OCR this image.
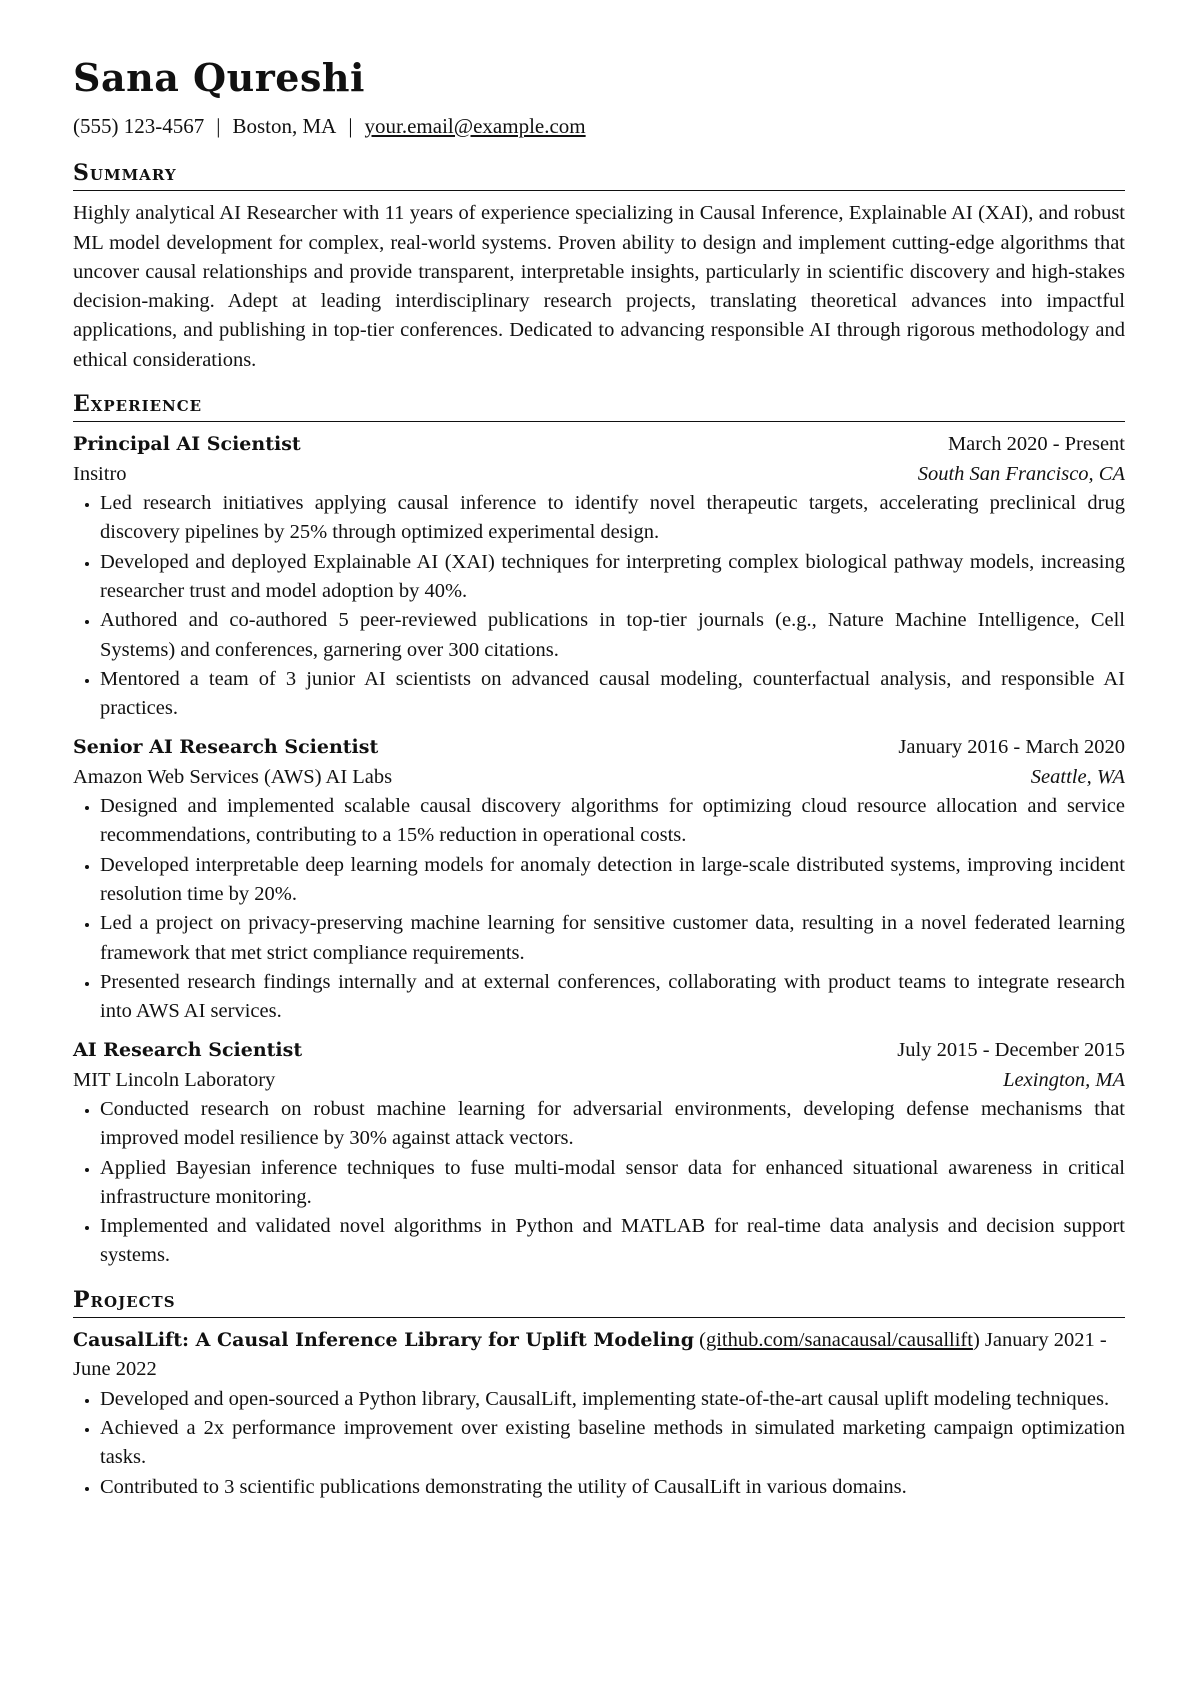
Sana Qureshi
(555) 123-4567 | Boston, MA | your.email@example.com
Summary
Highly analytical AI Researcher with 11 years of experience specializing in Causal Inference, Explainable AI (XAI), and robust ML model development for complex, real-world systems. Proven ability to design and implement cutting-edge algorithms that uncover causal relationships and provide transparent, interpretable insights, particularly in scientific discovery and high-stakes decision-making. Adept at leading interdisciplinary research projects, translating theoretical advances into impactful applications, and publishing in top-tier conferences. Dedicated to advancing responsible AI through rigorous methodology and ethical considerations.
Experience
Principal AI Scientist	March 2020 - Present
Insitro	South San Francisco, CA
• Led research initiatives applying causal inference to identify novel therapeutic targets, accelerating preclinical drug discovery pipelines by 25% through optimized experimental design.
• Developed and deployed Explainable AI (XAI) techniques for interpreting complex biological pathway models, increasing researcher trust and model adoption by 40%.
• Authored and co-authored 5 peer-reviewed publications in top-tier journals (e.g., Nature Machine Intelligence, Cell Systems) and conferences, garnering over 300 citations.
• Mentored a team of 3 junior AI scientists on advanced causal modeling, counterfactual analysis, and responsible AI practices.
Senior AI Research Scientist	January 2016 - March 2020
Amazon Web Services (AWS) AI Labs	Seattle, WA
• Designed and implemented scalable causal discovery algorithms for optimizing cloud resource allocation and service recommendations, contributing to a 15% reduction in operational costs.
• Developed interpretable deep learning models for anomaly detection in large-scale distributed systems, improving incident resolution time by 20%.
• Led a project on privacy-preserving machine learning for sensitive customer data, resulting in a novel federated learning framework that met strict compliance requirements.
• Presented research findings internally and at external conferences, collaborating with product teams to integrate research into AWS AI services.
AI Research Scientist	July 2015 - December 2015
MIT Lincoln Laboratory	Lexington, MA
• Conducted research on robust machine learning for adversarial environments, developing defense mechanisms that improved model resilience by 30% against attack vectors.
• Applied Bayesian inference techniques to fuse multi-modal sensor data for enhanced situational awareness in critical infrastructure monitoring.
• Implemented and validated novel algorithms in Python and MATLAB for real-time data analysis and decision support systems.
Projects
CausalLift: A Causal Inference Library for Uplift Modeling (github.com/sanacausal/causallift) January 2021 - June 2022
• Developed and open-sourced a Python library, CausalLift, implementing state-of-the-art causal uplift modeling techniques.
• Achieved a 2x performance improvement over existing baseline methods in simulated marketing campaign optimization tasks.
• Contributed to 3 scientific publications demonstrating the utility of CausalLift in various domains.
